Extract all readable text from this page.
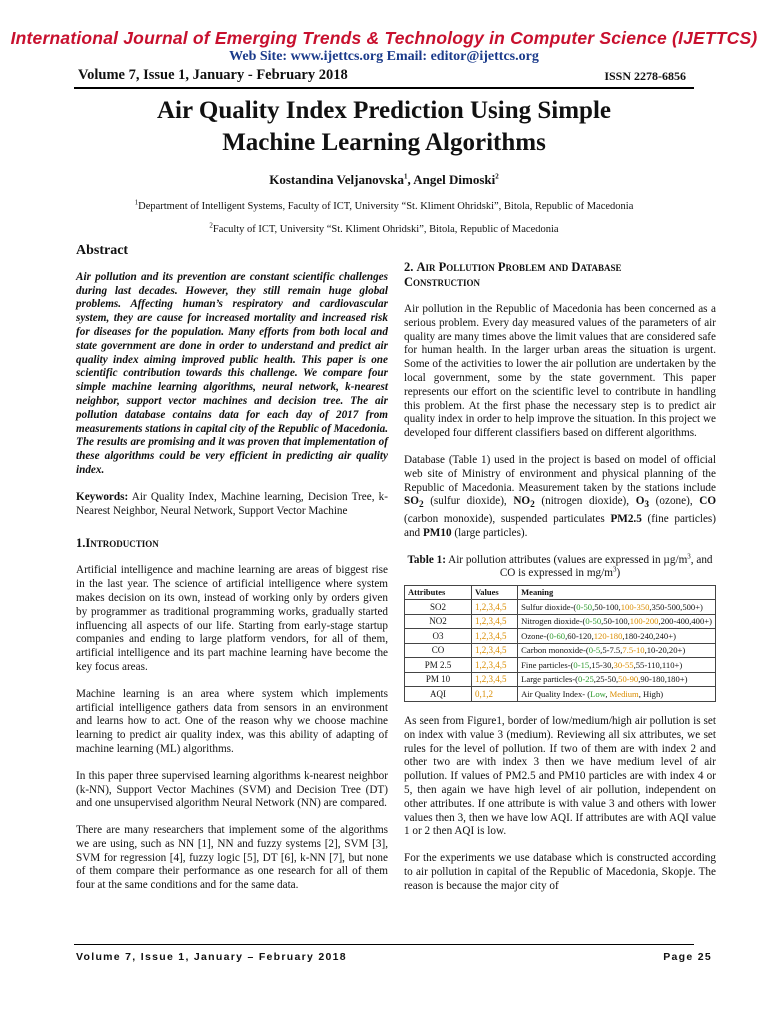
International Journal of Emerging Trends & Technology in Computer Science (IJETTCS)
Web Site: www.ijettcs.org Email: editor@ijettcs.org
Volume 7, Issue 1, January - February 2018	ISSN 2278-6856
Air Quality Index Prediction Using Simple
Machine Learning Algorithms
Kostandina Veljanovska$^1$, Angel Dimoski$^2$
$^1$Department of Intelligent Systems, Faculty of ICT, University “St. Kliment Ohridski”, Bitola, Republic of Macedonia
$^2$Faculty of ICT, University “St. Kliment Ohridski”, Bitola, Republic of Macedonia

Abstract

Air pollution and its prevention are constant scientific challenges during last decades. However, they still remain huge global problems. Affecting human’s respiratory and cardiovascular system, they are cause for increased mortality and increased risk for diseases for the population. Many efforts from both local and state government are done in order to understand and predict air quality index aiming improved public health. This paper is one scientific contribution towards this challenge. We compare four simple machine learning algorithms, neural network, k-nearest neighbor, support vector machines and decision tree. The air pollution database contains data for each day of 2017 from measurements stations in capital city of the Republic of Macedonia. The results are promising and it was proven that implementation of these algorithms could be very efficient in predicting air quality index.

Keywords: Air Quality Index, Machine learning, Decision Tree, k-Nearest Neighbor, Neural Network, Support Vector Machine

1.Introduction

Artificial intelligence and machine learning are areas of biggest rise in the last year. The science of artificial intelligence where system makes decision on its own, instead of working only by orders given by programmer as traditional programming works, gradually started influencing all aspects of our life. Starting from early-stage startup companies and ending to large platform vendors, for all of them, artificial intelligence and its part machine learning have become the key focus areas.

Machine learning is an area where system which implements artificial intelligence gathers data from sensors in an environment and learns how to act. One of the reason why we choose machine learning to predict air quality index, was this ability of adapting of machine learning (ML) algorithms.

In this paper three supervised learning algorithms k-nearest neighbor (k-NN), Support Vector Machines (SVM) and Decision Tree (DT) and one unsupervised algorithm Neural Network (NN) are compared.

There are many researchers that implement some of the algorithms we are using, such as NN [1], NN and fuzzy systems [2], SVM [3], SVM for regression [4], fuzzy logic [5], DT [6], k-NN [7], but none of them compare their performance as one research for all of them four at the same conditions and for the same data.

2. Air Pollution Problem and Database
Construction

Air pollution in the Republic of Macedonia has been concerned as a serious problem. Every day measured values of the parameters of air quality are many times above the limit values that are considered safe for human health. In the larger urban areas the situation is urgent. Some of the activities to lower the air pollution are undertaken by the local government, some by the state government. This paper represents our effort on the scientific level to contribute in handling this problem. At the first phase the necessary step is to predict air quality index in order to help improve the situation. In this project we developed four different classifiers based on different algorithms.

Database (Table 1) used in the project is based on model of official web site of Ministry of environment and physical planning of the Republic of Macedonia. Measurement taken by the stations include $SO_2$ (sulfur dioxide), $NO_2$ (nitrogen dioxide), $O_3$ (ozone), CO (carbon monoxide), suspended particulates PM2.5 (fine particles) and PM10 (large particles).

Table 1: Air pollution attributes (values are expressed in $\mu g/m^3$, and CO is expressed in $mg/m^3$)
Attributes	Values	Meaning
SO2	1,2,3,4,5	Sulfur dioxide-(0-50,50-100,100-350,350-500,500+)
NO2	1,2,3,4,5	Nitrogen dioxide-(0-50,50-100,100-200,200-400,400+)
O3	1,2,3,4,5	Ozone-(0-60,60-120,120-180,180-240,240+)
CO	1,2,3,4,5	Carbon monoxide-(0-5,5-7.5,7.5-10,10-20,20+)
PM 2.5	1,2,3,4,5	Fine particles-(0-15,15-30,30-55,55-110,110+)
PM 10	1,2,3,4,5	Large particles-(0-25,25-50,50-90,90-180,180+)
AQI	0,1,2	Air Quality Index- (Low, Medium, High)

As seen from Figure1, border of low/medium/high air pollution is set on index with value 3 (medium). Reviewing all six attributes, we set rules for the level of pollution. If two of them are with index 2 and other two are with index 3 then we have medium level of air pollution. If values of PM2.5 and PM10 particles are with index 4 or 5, then again we have high level of air pollution, independent on other attributes. If one attribute is with value 3 and others with lower values then 3, then we have low AQI. If attributes are with AQI value 1 or 2 then AQI is low.

For the experiments we use database which is constructed according to air pollution in capital of the Republic of Macedonia, Skopje. The reason is because the major city of

Volume 7, Issue 1, January – February 2018	Page 25
